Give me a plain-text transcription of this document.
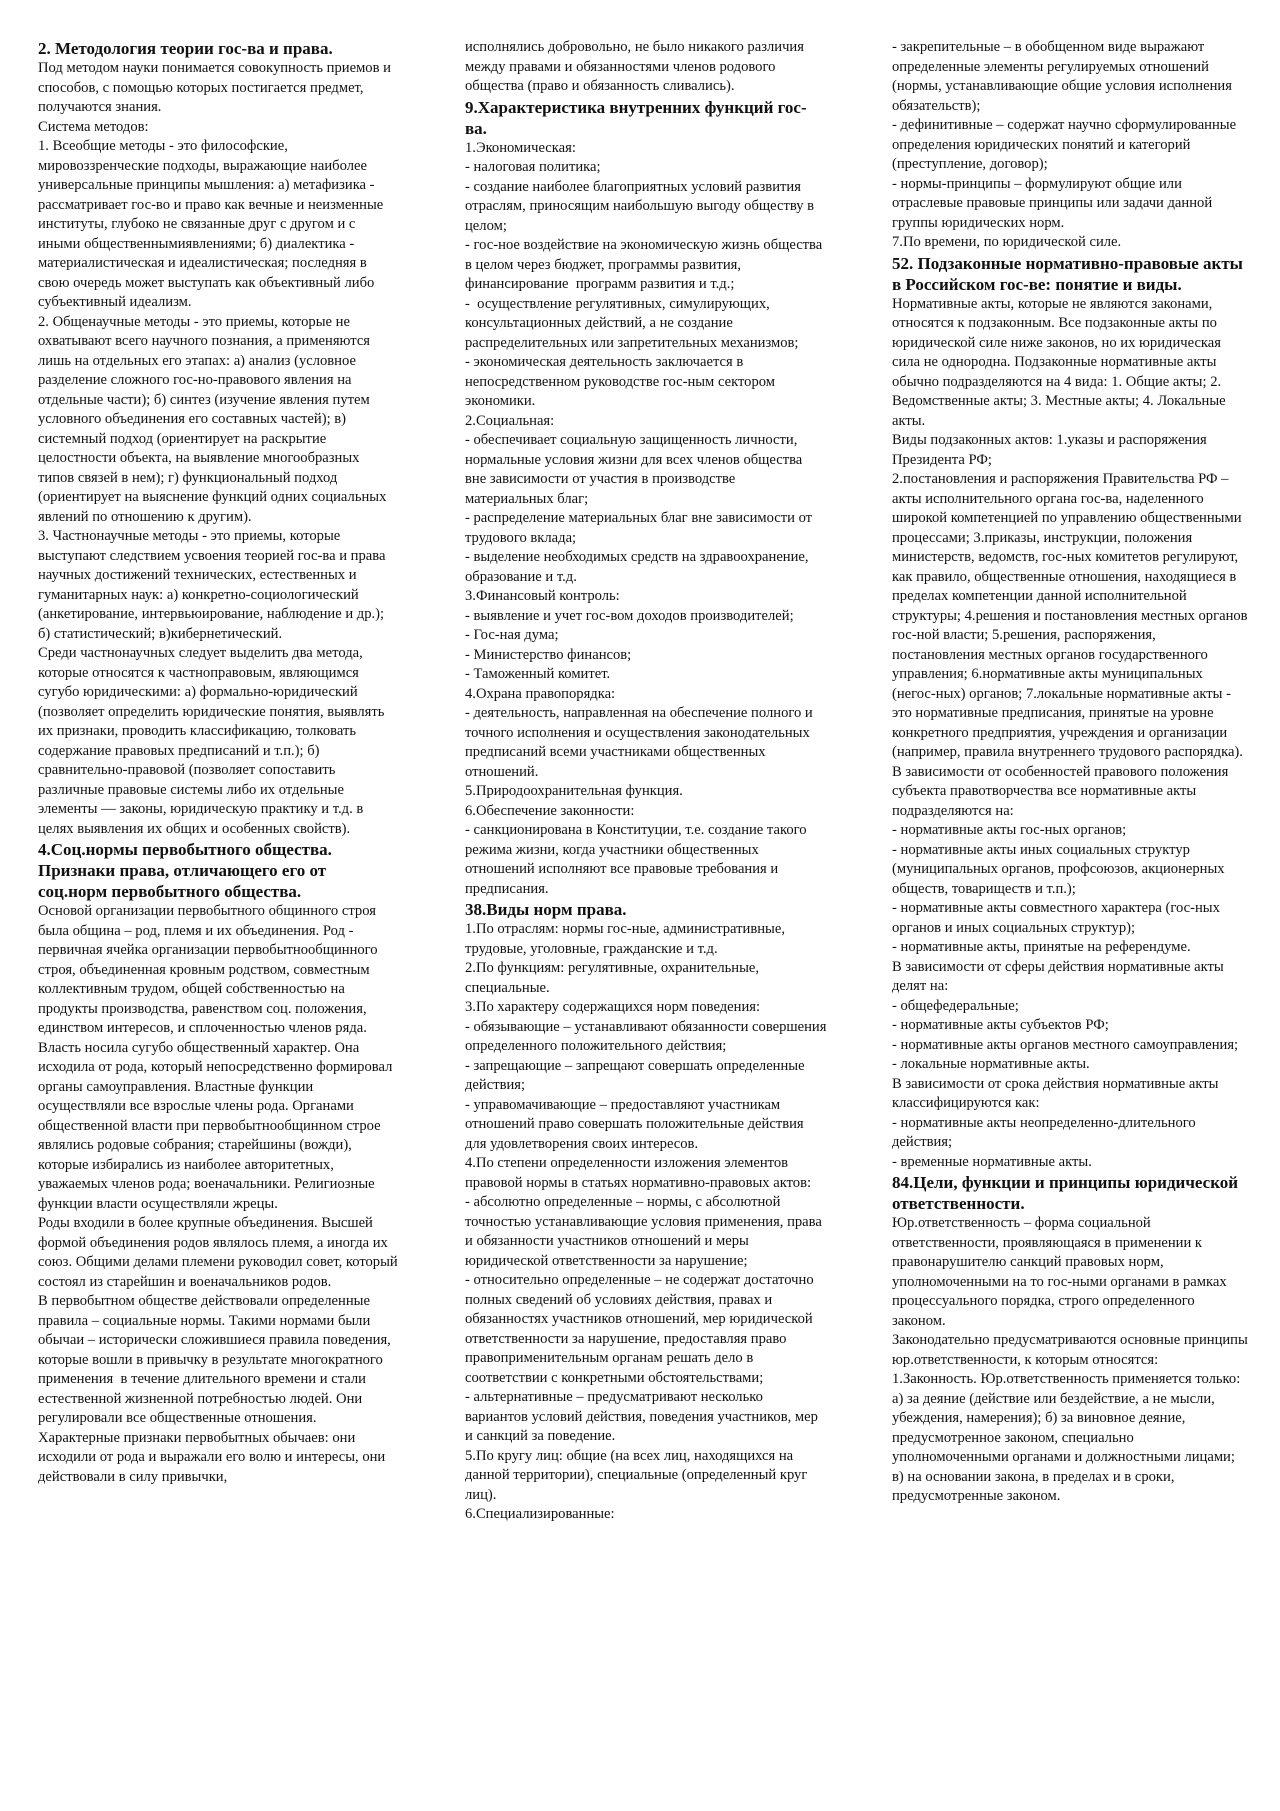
2. Методология теории гос-ва и права.
Под методом науки понимается совокупность приемов и способов, с помощью которых постигается предмет, получаются знания.
Система методов:
1. Всеобщие методы - это философские, мировоззренческие подходы, выражающие наиболее универсальные принципы мышления: а) метафизика - рассматривает гос-во и право как вечные и неизменные институты, глубоко не связанные друг с другом и с иными общественнымиявлениями; б) диалектика - материалистическая и идеалистическая; последняя в свою очередь может выступать как объективный либо субъективный идеализм.
2. Общенаучные методы - это приемы, которые не охватывают всего научного познания, а применяются лишь на отдельных его этапах: а) анализ (условное разделение сложного гос-но-правового явления на отдельные части); б) синтез (изучение явления путем условного объединения его составных частей); в) системный подход (ориентирует на раскрытие целостности объекта, на выявление многообразных типов связей в нем); г) функциональный подход (ориентирует на выяснение функций одних социальных явлений по отношению к другим).
3. Частнонаучные методы - это приемы, которые выступают следствием усвоения теорией гос-ва и права научных достижений технических, естественных и гуманитарных наук: а) конкретно-социологический (анкетирование, интервьюирование, наблюдение и др.); б) статистический; в)кибернетический.
Среди частнонаучных следует выделить два метода, которые относятся к частноправовым, являющимся сугубо юридическими: а) формально-юридический (позволяет определить юридические понятия, выявлять их признаки, проводить классификацию, толковать содержание правовых предписаний и т.п.); б) сравнительно-правовой (позволяет сопоставить различные правовые системы либо их отдельные элементы — законы, юридическую практику и т.д. в целях выявления их общих и особенных свойств).
4.Соц.нормы первобытного общества. Признаки права, отличающего его от соц.норм первобытного общества.
Основой организации первобытного общинного строя была община – род, племя и их объединения. Род - первичная ячейка организации первобытнообщинного строя, объединенная кровным родством, совместным коллективным трудом, общей собственностью на продукты производства, равенством соц. положения, единством интересов, и сплоченностью членов ряда.
Власть носила сугубо общественный характер. Она исходила от рода, который непосредственно формировал органы самоуправления. Властные функции осуществляли все взрослые члены рода. Органами общественной власти при первобытнообщинном строе являлись родовые собрания; старейшины (вожди), которые избирались из наиболее авторитетных, уважаемых членов рода; военачальники. Религиозные функции власти осуществляли жрецы.
Роды входили в более крупные объединения. Высшей формой объединения родов являлось племя, а иногда их союз. Общими делами племени руководил совет, который состоял из старейшин и военачальников родов.
В первобытном обществе действовали определенные правила – социальные нормы. Такими нормами были обычаи – исторически сложившиеся правила поведения, которые вошли в привычку в результате многократного применения  в течение длительного времени и стали естественной жизненной потребностью людей. Они регулировали все общественные отношения.
Характерные признаки первобытных обычаев: они исходили от рода и выражали его волю и интересы, они действовали в силу привычки,
исполнялись добровольно, не было никакого различия между правами и обязанностями членов родового общества (право и обязанность сливались).
9.Характеристика внутренних функций гос-ва.
1.Экономическая:
- налоговая политика;
- создание наиболее благоприятных условий развития отраслям, приносящим наибольшую выгоду обществу в целом;
- гос-ное воздействие на экономическую жизнь общества в целом через бюджет, программы развития, финансирование  программ развития и т.д.;
-  осуществление регулятивных, симулирующих, консультационных действий, а не создание распределительных или запретительных механизмов;
- экономическая деятельность заключается в непосредственном руководстве гос-ным сектором экономики.
2.Социальная:
- обеспечивает социальную защищенность личности, нормальные условия жизни для всех членов общества вне зависимости от участия в производстве материальных благ;
- распределение материальных благ вне зависимости от трудового вклада;
- выделение необходимых средств на здравоохранение, образование и т.д.
3.Финансовый контроль:
- выявление и учет гос-вом доходов производителей;
- Гос-ная дума;
- Министерство финансов;
- Таможенный комитет.
4.Охрана правопорядка:
- деятельность, направленная на обеспечение полного и точного исполнения и осуществления законодательных предписаний всеми участниками общественных отношений.
5.Природоохранительная функция.
6.Обеспечение законности:
- санкционирована в Конституции, т.е. создание такого режима жизни, когда участники общественных отношений исполняют все правовые требования и предписания.
38.Виды норм права.
1.По отраслям: нормы гос-ные, административные, трудовые, уголовные, гражданские и т.д.
2.По функциям: регулятивные, охранительные, специальные.
3.По характеру содержащихся норм поведения:
- обязывающие – устанавливают обязанности совершения определенного положительного действия;
- запрещающие – запрещают совершать определенные действия;
- управомачивающие – предоставляют участникам отношений право совершать положительные действия для удовлетворения своих интересов.
4.По степени определенности изложения элементов правовой нормы в статьях нормативно-правовых актов:
- абсолютно определенные – нормы, с абсолютной точностью устанавливающие условия применения, права и обязанности участников отношений и меры юридической ответственности за нарушение;
- относительно определенные – не содержат достаточно полных сведений об условиях действия, правах и обязанностях участников отношений, мер юридической ответственности за нарушение, предоставляя право правоприменительным органам решать дело в соответствии с конкретными обстоятельствами;
- альтернативные – предусматривают несколько вариантов условий действия, поведения участников, мер и санкций за поведение.
5.По кругу лиц: общие (на всех лиц, находящихся на данной территории), специальные (определенный круг лиц).
6.Специализированные:
- закрепительные – в обобщенном виде выражают определенные элементы регулируемых отношений (нормы, устанавливающие общие условия исполнения обязательств);
- дефинитивные – содержат научно сформулированные определения юридических понятий и категорий (преступление, договор);
- нормы-принципы – формулируют общие или отраслевые правовые принципы или задачи данной группы юридических норм.
7.По времени, по юридической силе.
52. Подзаконные нормативно-правовые акты в Российском гос-ве: понятие и виды.
Нормативные акты, которые не являются законами, относятся к подзаконным. Все подзаконные акты по юридической силе ниже законов, но их юридическая сила не однородна. Подзаконные нормативные акты обычно подразделяются на 4 вида: 1. Общие акты; 2. Ведомственные акты; 3. Местные акты; 4. Локальные акты.
Виды подзаконных актов: 1.указы и распоряжения Президента РФ;
2.постановления и распоряжения Правительства РФ – акты исполнительного органа гос-ва, наделенного широкой компетенцией по управлению общественными процессами; 3.приказы, инструкции, положения министерств, ведомств, гос-ных комитетов регулируют, как правило, общественные отношения, находящиеся в пределах компетенции данной исполнительной структуры; 4.решения и постановления местных органов гос-ной власти; 5.решения, распоряжения, постановления местных органов государственного управления; 6.нормативные акты муниципальных (негос-ных) органов; 7.локальные нормативные акты - это нормативные предписания, принятые на уровне конкретного предприятия, учреждения и организации (например, правила внутреннего трудового распорядка).
В зависимости от особенностей правового положения субъекта правотворчества все нормативные акты подразделяются на:
- нормативные акты гос-ных органов;
- нормативные акты иных социальных структур (муниципальных органов, профсоюзов, акционерных обществ, товариществ и т.п.);
- нормативные акты совместного характера (гос-ных органов и иных социальных структур);
- нормативные акты, принятые на референдуме.
В зависимости от сферы действия нормативные акты делят на:
- общефедеральные;
- нормативные акты субъектов РФ;
- нормативные акты органов местного самоуправления;
- локальные нормативные акты.
В зависимости от срока действия нормативные акты классифицируются как:
- нормативные акты неопределенно-длительного действия;
- временные нормативные акты.
84.Цели, функции и принципы юридической ответственности.
Юр.ответственность – форма социальной ответственности, проявляющаяся в применении к правонарушителю санкций правовых норм, уполномоченными на то гос-ными органами в рамках процессуального порядка, строго определенного законом.
Законодательно предусматриваются основные принципы юр.ответственности, к которым относятся:
1.Законность. Юр.ответственность применяется только: а) за деяние (действие или бездействие, а не мысли, убеждения, намерения); б) за виновное деяние, предусмотренное законом, специально уполномоченными органами и должностными лицами; в) на основании закона, в пределах и в сроки, предусмотренные законом.
